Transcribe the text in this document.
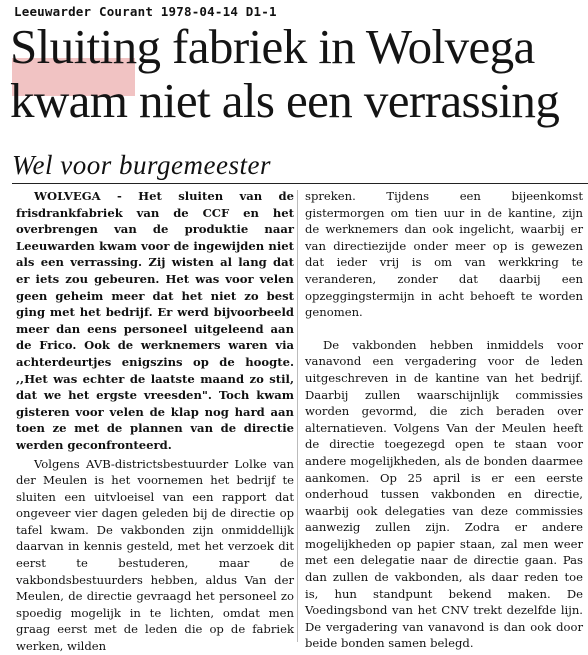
Leeuwarder Courant 1978-04-14 D1-1
Sluiting fabriek in Wolvega
kwam niet als een verrassing
Wel voor burgemeester

WOLVEGA - Het sluiten van de frisdrankfabriek van de CCF en het overbrengen van de produktie naar Leeuwarden kwam voor de ingewijden niet als een verrassing. Zij wisten al lang dat er iets zou gebeuren. Het was voor velen geen geheim meer dat het niet zo best ging met het bedrijf. Er werd bijvoorbeeld meer dan eens personeel uitgeleend aan de Frico. Ook de werknemers waren via achterdeurtjes enigszins op de hoogte. ,,Het was echter de laatste maand zo stil, dat we het ergste vreesden". Toch kwam gisteren voor velen de klap nog hard aan toen ze met de plannen van de directie werden geconfronteerd.

Volgens AVB-districtsbestuurder Lolke van der Meulen is het voornemen het bedrijf te sluiten een uitvloeisel van een rapport dat ongeveer vier dagen geleden bij de directie op tafel kwam. De vakbonden zijn onmiddellijk daarvan in kennis gesteld, met het verzoek dit eerst te bestuderen, maar de vakbondsbestuurders hebben, aldus Van der Meulen, de directie gevraagd het personeel zo spoedig mogelijk in te lichten, omdat men graag eerst met de leden die op de fabriek werken, wilden

spreken. Tijdens een bijeenkomst gistermorgen om tien uur in de kantine, zijn de werknemers dan ook ingelicht, waarbij er van directiezijde onder meer op is gewezen dat ieder vrij is om van werkkring te veranderen, zonder dat daarbij een opzeggingstermijn in acht behoeft te worden genomen.

De vakbonden hebben inmiddels voor vanavond een vergadering voor de leden uitgeschreven in de kantine van het bedrijf. Daarbij zullen waarschijnlijk commissies worden gevormd, die zich beraden over alternatieven. Volgens Van der Meulen heeft de directie toegezegd open te staan voor andere mogelijkheden, als de bonden daarmee aankomen. Op 25 april is er een eerste onderhoud tussen vakbonden en directie, waarbij ook delegaties van deze commissies aanwezig zullen zijn. Zodra er andere mogelijkheden op papier staan, zal men weer met een delegatie naar de directie gaan. Pas dan zullen de vakbonden, als daar reden toe is, hun standpunt bekend maken. De Voedingsbond van het CNV trekt dezelfde lijn. De vergadering van vanavond is dan ook door beide bonden samen belegd.
